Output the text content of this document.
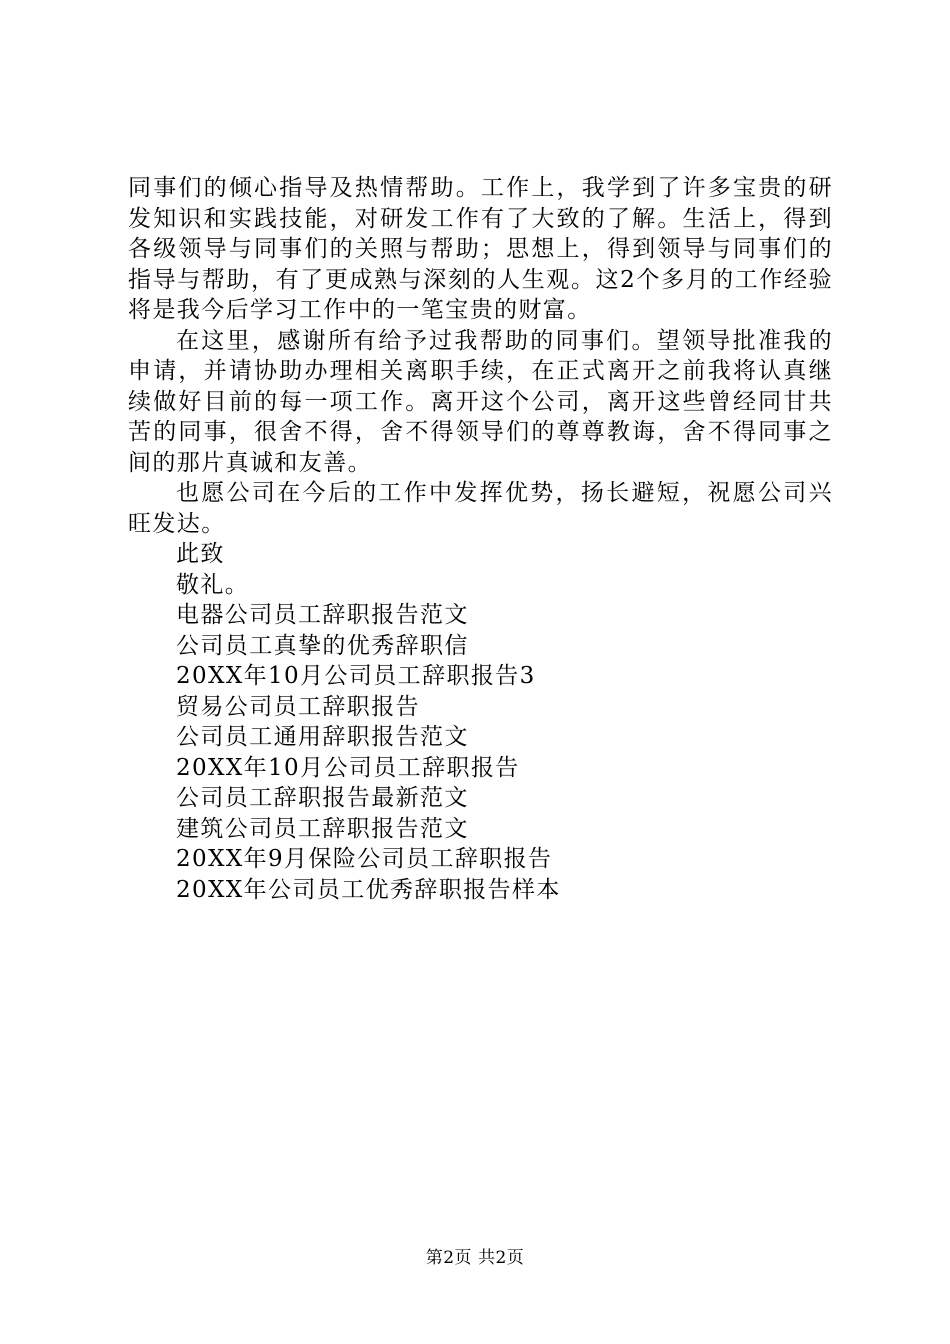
同事们的倾心指导及热情帮助。工作上，我学到了许多宝贵的研发知识和实践技能，对研发工作有了大致的了解。生活上，得到各级领导与同事们的关照与帮助；思想上，得到领导与同事们的指导与帮助，有了更成熟与深刻的人生观。这2个多月的工作经验将是我今后学习工作中的一笔宝贵的财富。

在这里，感谢所有给予过我帮助的同事们。望领导批准我的申请，并请协助办理相关离职手续，在正式离开之前我将认真继续做好目前的每一项工作。离开这个公司，离开这些曾经同甘共苦的同事，很舍不得，舍不得领导们的尊尊教诲，舍不得同事之间的那片真诚和友善。

也愿公司在今后的工作中发挥优势，扬长避短，祝愿公司兴旺发达。

此致

敬礼。

电器公司员工辞职报告范文

公司员工真挚的优秀辞职信

20XX年10月公司员工辞职报告3

贸易公司员工辞职报告

公司员工通用辞职报告范文

20XX年10月公司员工辞职报告

公司员工辞职报告最新范文

建筑公司员工辞职报告范文

20XX年9月保险公司员工辞职报告

20XX年公司员工优秀辞职报告样本

第2页 共2页
